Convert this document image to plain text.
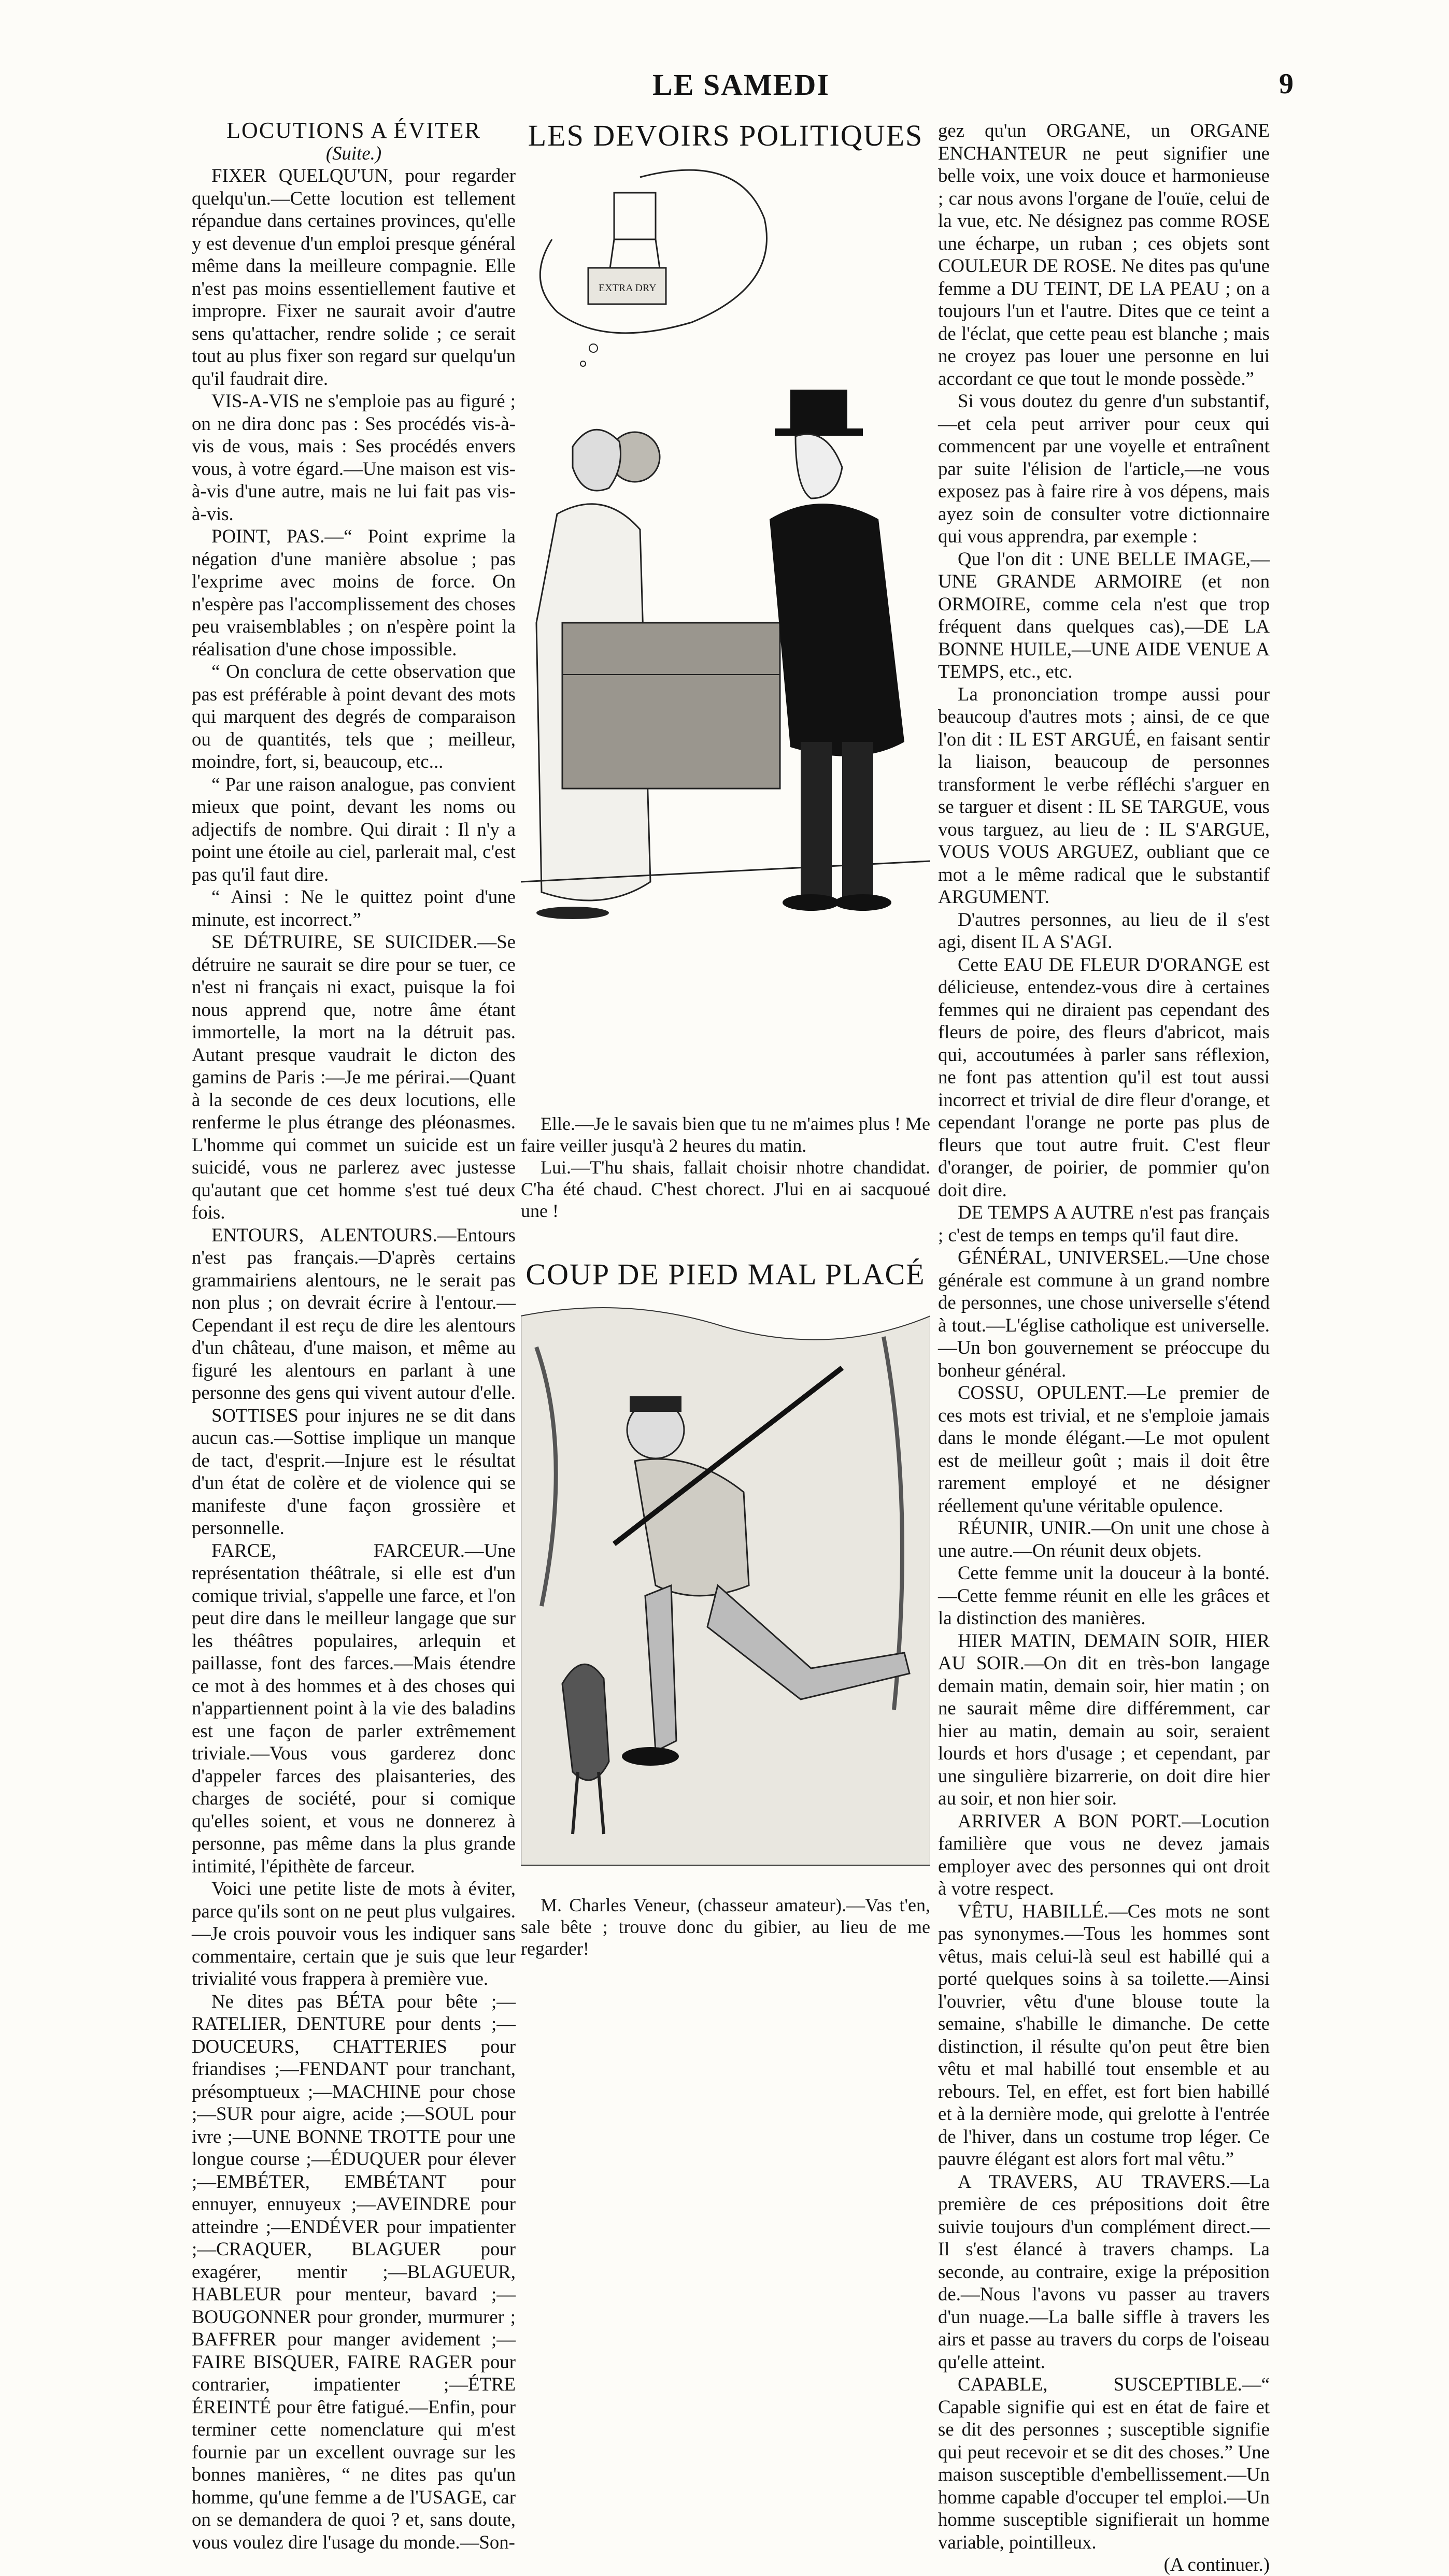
LE SAMEDI	9

LOCUTIONS A ÉVITER

(Suite.)

FIXER QUELQU'UN, pour regarder quelqu'un.—Cette locution est tellement répandue dans certaines provinces, qu'elle y est devenue d'un emploi presque général même dans la meilleure compagnie. Elle n'est pas moins essentiellement fautive et impropre. Fixer ne saurait avoir d'autre sens qu'attacher, rendre solide ; ce serait tout au plus fixer son regard sur quelqu'un qu'il faudrait dire.

VIS-A-VIS ne s'emploie pas au figuré ; on ne dira donc pas : Ses procédés vis-à-vis de vous, mais : Ses procédés envers vous, à votre égard.—Une maison est vis-à-vis d'une autre, mais ne lui fait pas vis-à-vis.

POINT, PAS.—“ Point exprime la négation d'une manière absolue ; pas l'exprime avec moins de force. On n'espère pas l'accomplissement des choses peu vraisemblables ; on n'espère point la réalisation d'une chose impossible.

“ On conclura de cette observation que pas est préférable à point devant des mots qui marquent des degrés de comparaison ou de quantités, tels que ; meilleur, moindre, fort, si, beaucoup, etc...

“ Par une raison analogue, pas convient mieux que point, devant les noms ou adjectifs de nombre. Qui dirait : Il n'y a point une étoile au ciel, parlerait mal, c'est pas qu'il faut dire.

“ Ainsi : Ne le quittez point d'une minute, est incorrect.”

SE DÉTRUIRE, SE SUICIDER.—Se détruire ne saurait se dire pour se tuer, ce n'est ni français ni exact, puisque la foi nous apprend que, notre âme étant immortelle, la mort na la détruit pas. Autant presque vaudrait le dicton des gamins de Paris :—Je me périrai.—Quant à la seconde de ces deux locutions, elle renferme le plus étrange des pléonasmes. L'homme qui commet un suicide est un suicidé, vous ne parlerez avec justesse qu'autant que cet homme s'est tué deux fois.

ENTOURS, ALENTOURS.—Entours n'est pas français.—D'après certains grammairiens alentours, ne le serait pas non plus ; on devrait écrire à l'entour.—Cependant il est reçu de dire les alentours d'un château, d'une maison, et même au figuré les alentours en parlant à une personne des gens qui vivent autour d'elle.

SOTTISES pour injures ne se dit dans aucun cas.—Sottise implique un manque de tact, d'esprit.—Injure est le résultat d'un état de colère et de violence qui se manifeste d'une façon grossière et personnelle.

FARCE, FARCEUR.—Une représentation théâtrale, si elle est d'un comique trivial, s'appelle une farce, et l'on peut dire dans le meilleur langage que sur les théâtres populaires, arlequin et paillasse, font des farces.—Mais étendre ce mot à des hommes et à des choses qui n'appartiennent point à la vie des baladins est une façon de parler extrêmement triviale.—Vous vous garderez donc d'appeler farces des plaisanteries, des charges de société, pour si comique qu'elles soient, et vous ne donnerez à personne, pas même dans la plus grande intimité, l'épithète de farceur.

Voici une petite liste de mots à éviter, parce qu'ils sont on ne peut plus vulgaires.—Je crois pouvoir vous les indiquer sans commentaire, certain que je suis que leur trivialité vous frappera à première vue.

Ne dites pas BÉTA pour bête ;—RATELIER, DENTURE pour dents ;—DOUCEURS, CHATTERIES pour friandises ;—FENDANT pour tranchant, présomptueux ;—MACHINE pour chose ;—SUR pour aigre, acide ;—SOUL pour ivre ;—UNE BONNE TROTTE pour une longue course ;—ÉDUQUER pour élever ;—EMBÉTER, EMBÉTANT pour ennuyer, ennuyeux ;—AVEINDRE pour atteindre ;—ENDÉVER pour impatienter ;—CRAQUER, BLAGUER pour exagérer, mentir ;—BLAGUEUR, HABLEUR pour menteur, bavard ;—BOUGONNER pour gronder, murmurer ; BAFFRER pour manger avidement ;—FAIRE BISQUER, FAIRE RAGER pour contrarier, impatienter ;—ÉTRE ÉREINTÉ pour être fatigué.—Enfin, pour terminer cette nomenclature qui m'est fournie par un excellent ouvrage sur les bonnes manières, “ ne dites pas qu'un homme, qu'une femme a de l'USAGE, car on se demandera de quoi ? et, sans doute, vous voulez dire l'usage du monde.—Son-

LES DEVOIRS POLITIQUES

EXTRA DRY

Elle.—Je le savais bien que tu ne m'aimes plus ! Me faire veiller jusqu'à 2 heures du matin.

Lui.—T'hu shais, fallait choisir nhotre chandidat. C'ha été chaud. C'hest chorect. J'lui en ai sacquoué une !

COUP DE PIED MAL PLACÉ

M. Charles Veneur, (chasseur amateur).—Vas t'en, sale bête ; trouve donc du gibier, au lieu de me regarder!

gez qu'un ORGANE, un ORGANE ENCHANTEUR ne peut signifier une belle voix, une voix douce et harmonieuse ; car nous avons l'organe de l'ouïe, celui de la vue, etc. Ne désignez pas comme ROSE une écharpe, un ruban ; ces objets sont COULEUR DE ROSE. Ne dites pas qu'une femme a DU TEINT, DE LA PEAU ; on a toujours l'un et l'autre. Dites que ce teint a de l'éclat, que cette peau est blanche ; mais ne croyez pas louer une personne en lui accordant ce que tout le monde possède.”

Si vous doutez du genre d'un substantif,—et cela peut arriver pour ceux qui commencent par une voyelle et entraînent par suite l'élision de l'article,—ne vous exposez pas à faire rire à vos dépens, mais ayez soin de consulter votre dictionnaire qui vous apprendra, par exemple :

Que l'on dit : UNE BELLE IMAGE,—UNE GRANDE ARMOIRE (et non ORMOIRE, comme cela n'est que trop fréquent dans quelques cas),—DE LA BONNE HUILE,—UNE AIDE VENUE A TEMPS, etc., etc.

La prononciation trompe aussi pour beaucoup d'autres mots ; ainsi, de ce que l'on dit : IL EST ARGUÉ, en faisant sentir la liaison, beaucoup de personnes transforment le verbe réfléchi s'arguer en se targuer et disent : IL SE TARGUE, vous vous targuez, au lieu de : IL S'ARGUE, VOUS VOUS ARGUEZ, oubliant que ce mot a le même radical que le substantif ARGUMENT.

D'autres personnes, au lieu de il s'est agi, disent IL A S'AGI.

Cette EAU DE FLEUR D'ORANGE est délicieuse, entendez-vous dire à certaines femmes qui ne diraient pas cependant des fleurs de poire, des fleurs d'abricot, mais qui, accoutumées à parler sans réflexion, ne font pas attention qu'il est tout aussi incorrect et trivial de dire fleur d'orange, et cependant l'orange ne porte pas plus de fleurs que tout autre fruit. C'est fleur d'oranger, de poirier, de pommier qu'on doit dire.

DE TEMPS A AUTRE n'est pas français ; c'est de temps en temps qu'il faut dire.

GÉNÉRAL, UNIVERSEL.—Une chose générale est commune à un grand nombre de personnes, une chose universelle s'étend à tout.—L'église catholique est universelle.—Un bon gouvernement se préoccupe du bonheur général.

COSSU, OPULENT.—Le premier de ces mots est trivial, et ne s'emploie jamais dans le monde élégant.—Le mot opulent est de meilleur goût ; mais il doit être rarement employé et ne désigner réellement qu'une véritable opulence.

RÉUNIR, UNIR.—On unit une chose à une autre.—On réunit deux objets.

Cette femme unit la douceur à la bonté.—Cette femme réunit en elle les grâces et la distinction des manières.

HIER MATIN, DEMAIN SOIR, HIER AU SOIR.—On dit en très-bon langage demain matin, demain soir, hier matin ; on ne saurait même dire différemment, car hier au matin, demain au soir, seraient lourds et hors d'usage ; et cependant, par une singulière bizarrerie, on doit dire hier au soir, et non hier soir.

ARRIVER A BON PORT.—Locution familière que vous ne devez jamais employer avec des personnes qui ont droit à votre respect.

VÊTU, HABILLÉ.—Ces mots ne sont pas synonymes.—Tous les hommes sont vêtus, mais celui-là seul est habillé qui a porté quelques soins à sa toilette.—Ainsi l'ouvrier, vêtu d'une blouse toute la semaine, s'habille le dimanche. De cette distinction, il résulte qu'on peut être bien vêtu et mal habillé tout ensemble et au rebours. Tel, en effet, est fort bien habillé et à la dernière mode, qui grelotte à l'entrée de l'hiver, dans un costume trop léger. Ce pauvre élégant est alors fort mal vêtu.”

A TRAVERS, AU TRAVERS.—La première de ces prépositions doit être suivie toujours d'un complément direct.—Il s'est élancé à travers champs. La seconde, au contraire, exige la préposition de.—Nous l'avons vu passer au travers d'un nuage.—La balle siffle à travers les airs et passe au travers du corps de l'oiseau qu'elle atteint.

CAPABLE, SUSCEPTIBLE.—“ Capable signifie qui est en état de faire et se dit des personnes ; susceptible signifie qui peut recevoir et se dit des choses.” Une maison susceptible d'embellissement.—Un homme capable d'occuper tel emploi.—Un homme susceptible signifierait un homme variable, pointilleux.

(A continuer.)
